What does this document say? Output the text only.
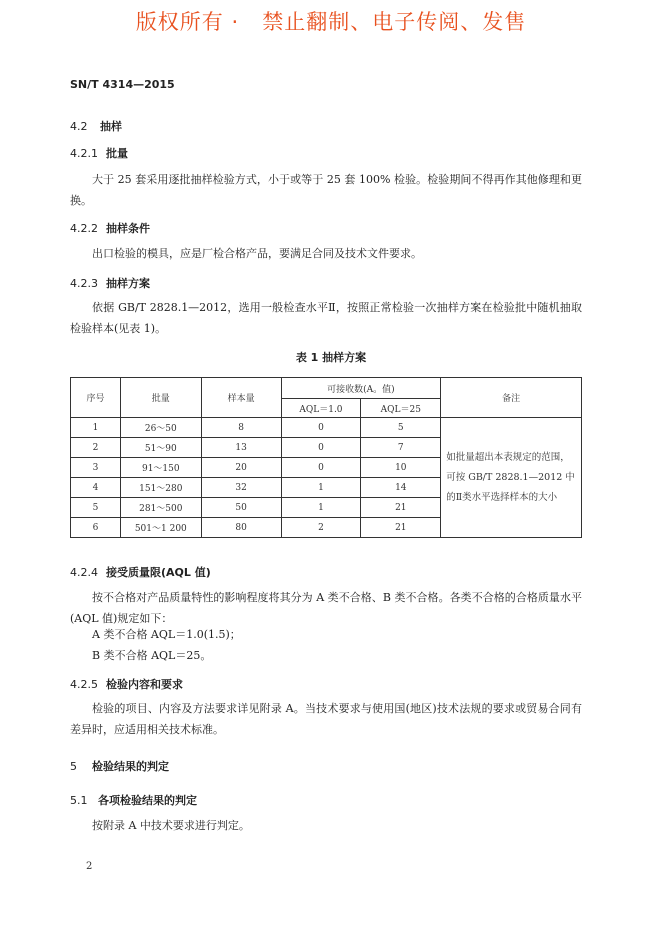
版权所有 ·   禁止翻制、电子传阅、发售
SN/T 4314—2015
4.2 抽样
4.2.1 批量
大于 25 套采用逐批抽样检验方式，小于或等于 25 套 100% 检验。检验期间不得再作其他修理和更换。
4.2.2 抽样条件
出口检验的模具，应是厂检合格产品，要满足合同及技术文件要求。
4.2.3 抽样方案
依据 GB/T 2828.1—2012，选用一般检查水平Ⅱ，按照正常检验一次抽样方案在检验批中随机抽取检验样本(见表 1)。
表 1 抽样方案
序号	批量	样本量	可接收数(A。值)		备注
			AQL＝1.0	AQL＝25	
1	26～50	8	0	5	如批量超出本表规定的范围，可按 GB/T 2828.1—2012 中的Ⅱ类水平选择样本的大小
2	51～90	13	0	7	
3	91～150	20	0	10	
4	151～280	32	1	14	
5	281～500	50	1	21	
6	501～1 200	80	2	21	
4.2.4 接受质量限(AQL 值)
按不合格对产品质量特性的影响程度将其分为 A 类不合格、B 类不合格。各类不合格的合格质量水平(AQL 值)规定如下：
A 类不合格 AQL＝1.0(1.5)；
B 类不合格 AQL＝25。
4.2.5 检验内容和要求
检验的项目、内容及方法要求详见附录 A。当技术要求与使用国(地区)技术法规的要求或贸易合同有差异时，应适用相关技术标准。
5 检验结果的判定
5.1 各项检验结果的判定
按附录 A 中技术要求进行判定。
2
